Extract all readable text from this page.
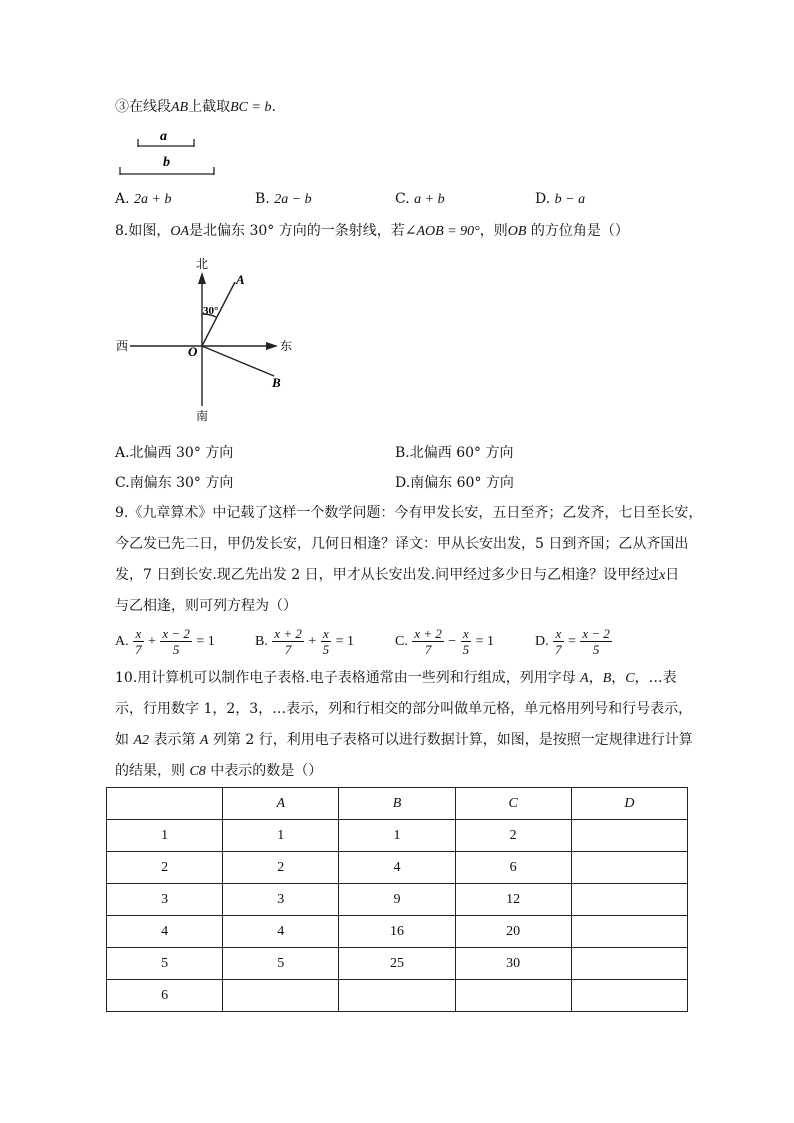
③在线段AB上截取BC = b.
a
b
A. 2a + b	B. 2a − b	C. a + b	D. b − a
8.如图，OA是北偏东 30° 方向的一条射线，若∠AOB = 90°，则OB 的方位角是（）
北
南
东
西	O
A
B
30°
A.北偏西 30° 方向	B.北偏西 60° 方向
C.南偏东 30° 方向	D.南偏东 60° 方向
9.《九章算术》中记载了这样一个数学问题：今有甲发长安，五日至齐；乙发齐，七日至长安，
今乙发已先二日，甲仍发长安，几何日相逢？译文：甲从长安出发，5 日到齐国；乙从齐国出
发，7 日到长安.现乙先出发 2 日，甲才从长安出发.问甲经过多少日与乙相逢？设甲经过x日
与乙相逢，则可列方程为（）
A. $\frac{x}{7} + \frac{x - 2}{5} = 1$	B. $\frac{x + 2}{7} + \frac{x}{5} = 1$	C. $\frac{x + 2}{7} - \frac{x}{5} = 1$	D. $\frac{x}{7} = \frac{x - 2}{5}$

10.用计算机可以制作电子表格.电子表格通常由一些列和行组成，列用字母 A，B，C，…表
示，行用数字 1，2，3，…表示，列和行相交的部分叫做单元格，单元格用列号和行号表示，
如 A2 表示第 A 列第 2 行，利用电子表格可以进行数据计算，如图，是按照一定规律进行计算
的结果，则 C8 中表示的数是（）
	A	B	C	D
1	1	1	2	
2	2	4	6	
3	3	9	12	
4	4	16	20	
5	5	25	30	
6				
